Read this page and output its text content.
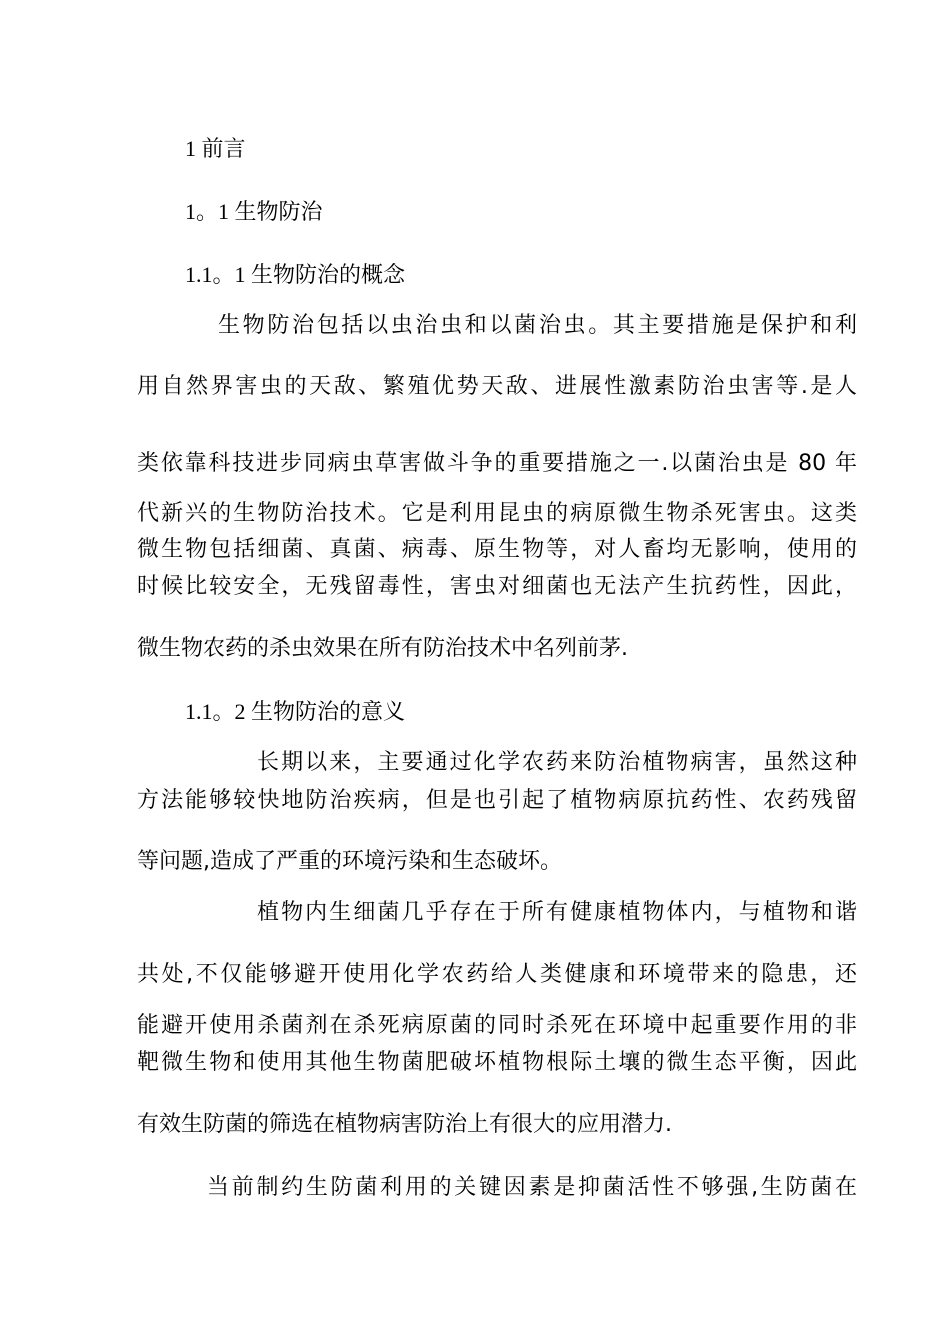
1 前言
1。1 生物防治
1.1。1 生物防治的概念
生物防治包括以虫治虫和以菌治虫。其主要措施是保护和利
用自然界害虫的天敌、繁殖优势天敌、进展性激素防治虫害等.是人
类依靠科技进步同病虫草害做斗争的重要措施之一.以菌治虫是 80 年
代新兴的生物防治技术。它是利用昆虫的病原微生物杀死害虫。这类
微生物包括细菌、真菌、病毒、原生物等，对人畜均无影响，使用的
时候比较安全，无残留毒性，害虫对细菌也无法产生抗药性，因此，
微生物农药的杀虫效果在所有防治技术中名列前茅.
1.1。2 生物防治的意义
长期以来，主要通过化学农药来防治植物病害，虽然这种
方法能够较快地防治疾病，但是也引起了植物病原抗药性、农药残留
等问题,造成了严重的环境污染和生态破坏。
植物内生细菌几乎存在于所有健康植物体内，与植物和谐
共处,不仅能够避开使用化学农药给人类健康和环境带来的隐患，还
能避开使用杀菌剂在杀死病原菌的同时杀死在环境中起重要作用的非
靶微生物和使用其他生物菌肥破坏植物根际土壤的微生态平衡，因此
有效生防菌的筛选在植物病害防治上有很大的应用潜力.
当前制约生防菌利用的关键因素是抑菌活性不够强,生防菌在
